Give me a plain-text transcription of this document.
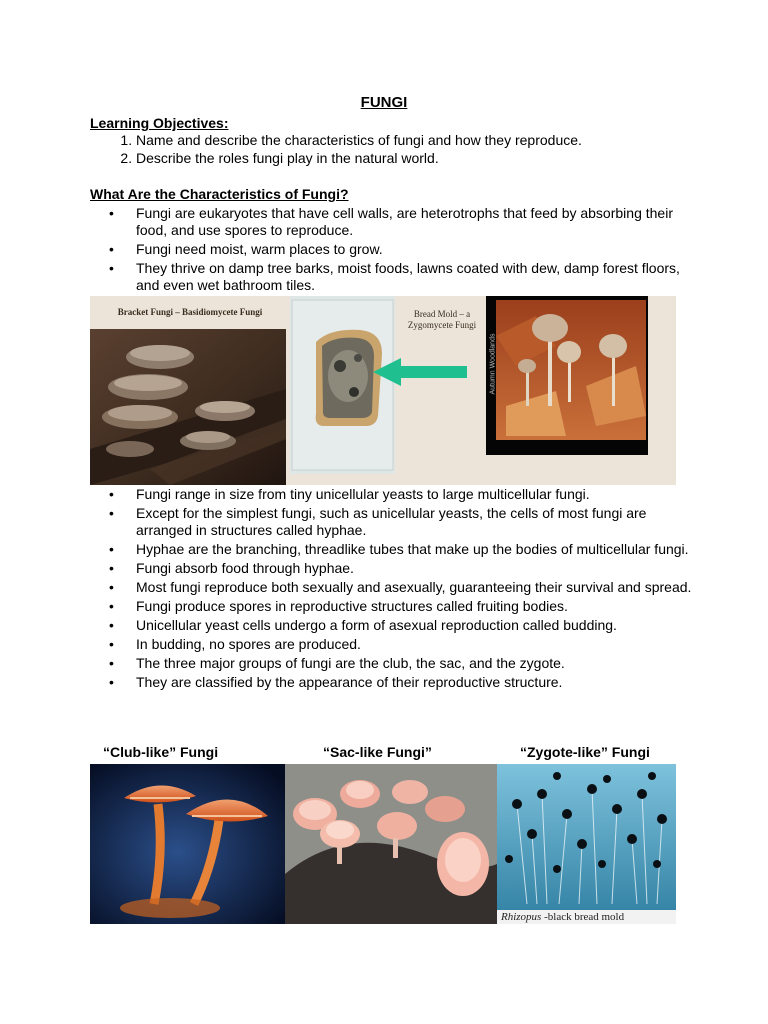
FUNGI
Learning Objectives:
1. Name and describe the characteristics of fungi and how they reproduce.
2. Describe the roles fungi play in the natural world.
What Are the Characteristics of Fungi?
• Fungi are eukaryotes that have cell walls, are heterotrophs that feed by absorbing their food, and use spores to reproduce.
• Fungi need moist, warm places to grow.
• They thrive on damp tree barks, moist foods, lawns coated with dew, damp forest floors, and even wet bathroom tiles.
Bracket Fungi – Basidiomycete Fungi	Bread Mold – a
Zygomycete Fungi
Autumn Woodlands
• Fungi range in size from tiny unicellular yeasts to large multicellular fungi.
• Except for the simplest fungi, such as unicellular yeasts, the cells of most fungi are arranged in structures called hyphae.
• Hyphae are the branching, threadlike tubes that make up the bodies of multicellular fungi.
• Fungi absorb food through hyphae.
• Most fungi reproduce both sexually and asexually, guaranteeing their survival and spread.
• Fungi produce spores in reproductive structures called fruiting bodies.
• Unicellular yeast cells undergo a form of asexual reproduction called budding.
• In budding, no spores are produced.
• The three major groups of fungi are the club, the sac, and the zygote.
• They are classified by the appearance of their reproductive structure.
“Club-like” Fungi	“Sac-like Fungi”	“Zygote-like” Fungi
Rhizopus -black bread mold
